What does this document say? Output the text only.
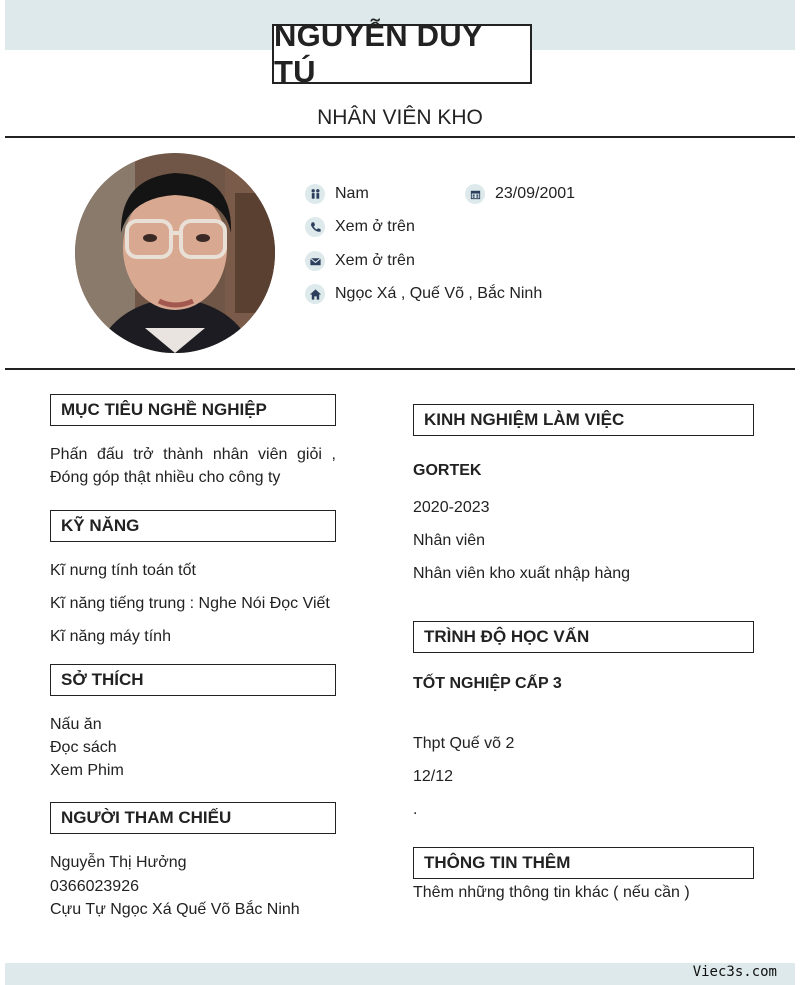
NGUYỄN DUY TÚ
NHÂN VIÊN KHO
Nam	23/09/2001
Xem ở trên
Xem ở trên
Ngọc Xá , Quế Võ , Bắc Ninh
MỤC TIÊU NGHỀ NGHIỆP
Phấn đấu trở thành nhân viên giỏi , Đóng góp thật nhiều cho công ty
KỸ NĂNG
Kĩ nưng tính toán tốt
Kĩ năng tiếng trung : Nghe Nói Đọc Viết
Kĩ năng máy tính
SỞ THÍCH
Nấu ăn
Đọc sách
Xem Phim
NGƯỜI THAM CHIẾU
Nguyễn Thị Hưởng
0366023926
Cựu Tự Ngọc Xá Quế Võ Bắc Ninh
KINH NGHIỆM LÀM VIỆC
GORTEK
2020-2023
Nhân viên
Nhân viên kho xuất nhập hàng
TRÌNH ĐỘ HỌC VẤN
TỐT NGHIỆP CẤP 3
Thpt Quế võ 2
12/12
.
THÔNG TIN THÊM
Thêm những thông tin khác ( nếu cần )
Viec3s.com
